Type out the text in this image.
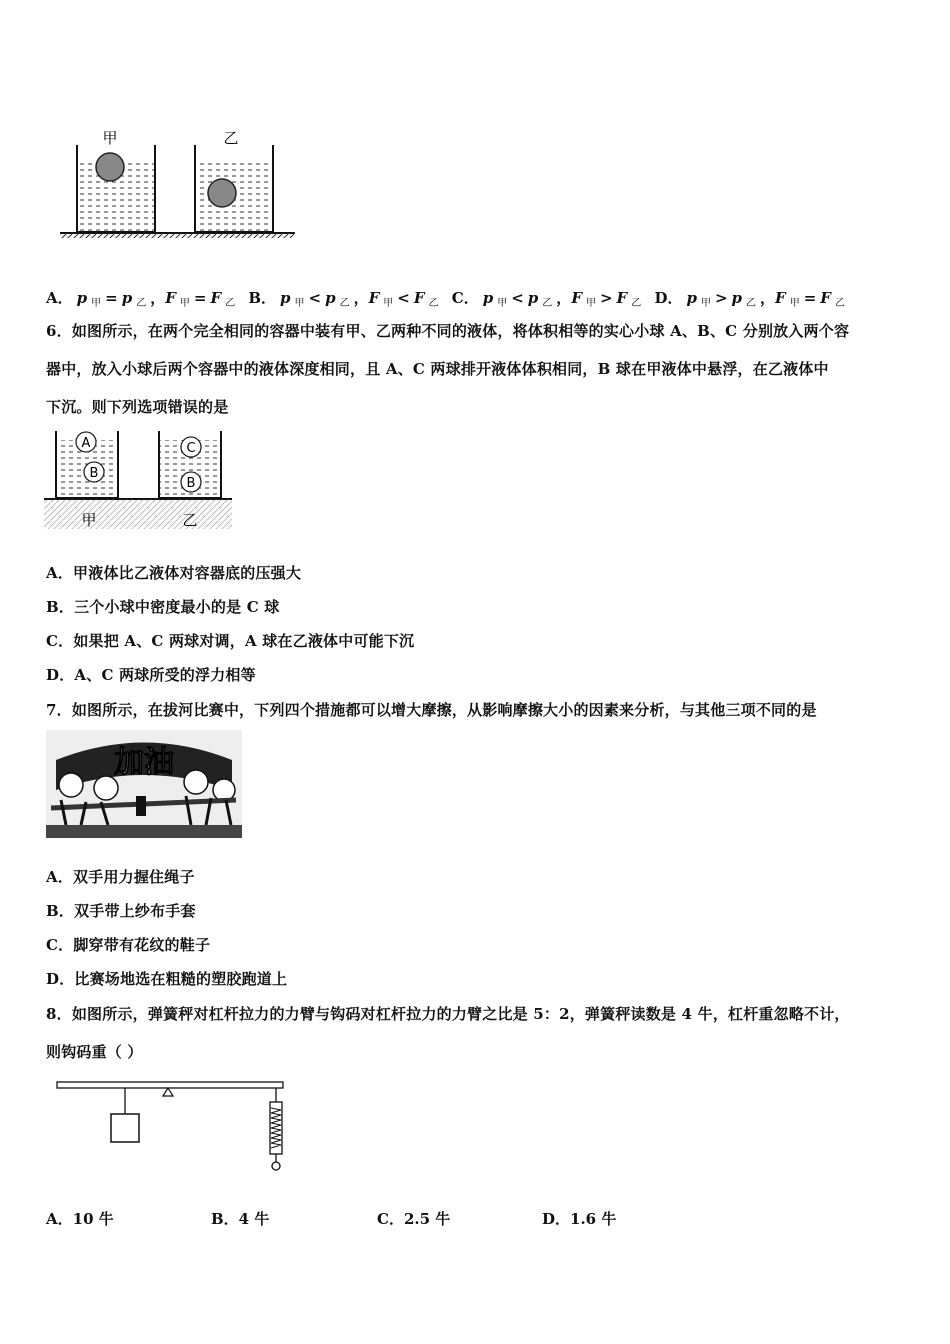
甲	乙
A． p $_甲$ = p $_乙$ ，F $_甲$ = F $_乙$ B． p $_甲$ < p $_乙$ ，F $_甲$ < F $_乙$ C． p $_甲$ < p $_乙$ ，F $_甲$ > F $_乙$ D． p $_甲$ > p $_乙$ ，F $_甲$ = F $_乙$
6．如图所示，在两个完全相同的容器中装有甲、乙两种不同的液体，将体积相等的实心小球 A、B、C 分别放入两个容
器中，放入小球后两个容器中的液体深度相同，且 A、C 两球排开液体体积相同，B 球在甲液体中悬浮，在乙液体中
下沉。则下列选项错误的是
A
B
C
B
甲	乙
A．甲液体比乙液体对容器底的压强大
B．三个小球中密度最小的是 C 球
C．如果把 A、C 两球对调，A 球在乙液体中可能下沉
D．A、C 两球所受的浮力相等
7．如图所示，在拔河比赛中，下列四个措施都可以增大摩擦，从影响摩擦大小的因素来分析，与其他三项不同的是
加油
A．双手用力握住绳子
B．双手带上纱布手套
C．脚穿带有花纹的鞋子
D．比赛场地选在粗糙的塑胶跑道上
8．如图所示，弹簧秤对杠杆拉力的力臂与钩码对杠杆拉力的力臂之比是 5：2，弹簧秤读数是 4 牛，杠杆重忽略不计，
则钩码重（ ）
A．10 牛	B．4 牛	C．2.5 牛	D．1.6 牛
